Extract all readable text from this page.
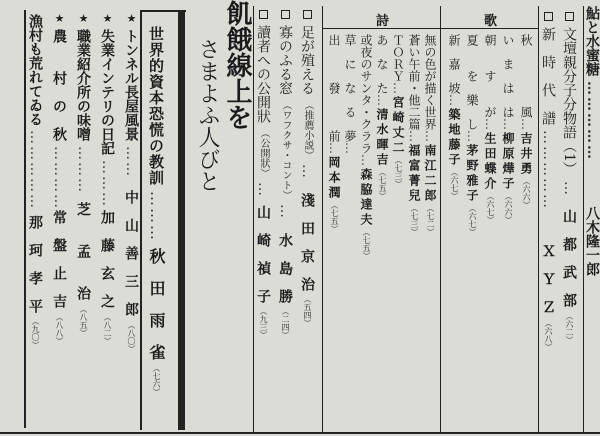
漁村も荒れてゐる …………… 那　珂　孝　平 （九〇）
★ 農　　村　の　秋 ………… 常　盤　止　吉 （八八）
★ 職業紹介所の味噌 ……… 芝　　孟　　治 （八五）
★ 失業インテリの日記 ……… 加　藤　玄　之 （八二）
★ トンネル長屋風景 …… 中　山　善　三　郎 （八〇）
世界的資本恐慌の教訓 ……… 秋　田　雨　雀 （七六）
飢餓線上を
さまよふ人びと	讀者への公開狀 （公開狀） … 山　崎　禎　子 （九三）
寡のふる窓 （ワフクサ・コント） … 水　島　勝 （二四）
足が殖える （推薦小説） … 淺　田　京　治 （五四）
詩
無の色が描く世界…南江二郎（七二）
蒼い午前・他二篇…福富菁兒（七三）
ＴＯＲＹ…宮崎丈二（七三）
あ　な　た…清水暉吉（七五）
或夜のサンタ・クララ…森脇達夫（七五）
草　に　な　る　夢…
出　　　發　　　前…岡本潤（七五）
歌
秋　　　　　風…吉井勇（六六）
い　ま　は　は…柳原燁子（六六）
朝　　す　　が…生田蝶介（六七）
夏　　を　樂　し…茅野雅子（六七）
新　嘉　坡…築地藤子（六七）
新　時　代　譜 …………… Ｘ　Ｙ　Ｚ （六八）
文壇親分子分物語（1） … 山　都　武　部 （六二）
鮎と水蜜糖 …………… 八木隆一郎
